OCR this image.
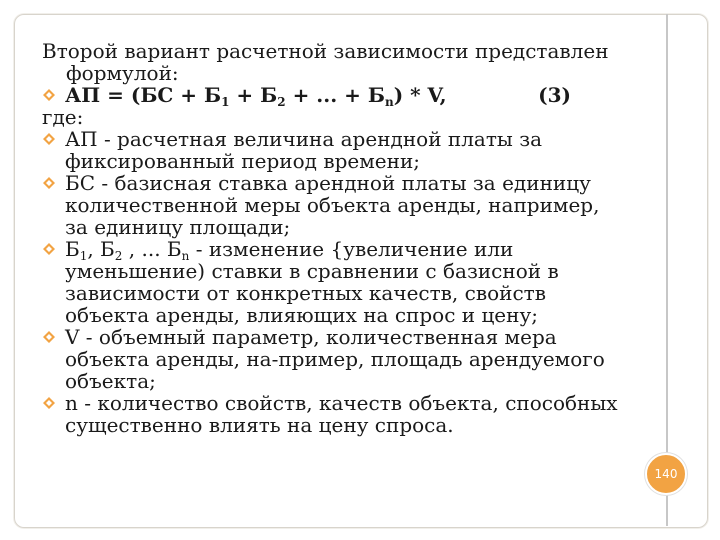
Второй вариант расчетной зависимости представлен
формулой:

АП = ($БС + Б_1 + Б_2$ + ... + $Б_n$) * V,	(3)

где:

АП - расчетная величина арендной платы за фиксированный период времени;
БС - базисная ставка арендной платы за единицу количественной меры объекта аренды, например, за единицу площади;
$Б_1$, $Б_2$ , ... $Б_n$ - изменение {увеличение или уменьшение) ставки в сравнении с базисной в зависимости от конкретных качеств, свойств объекта аренды, влияющих на спрос и цену;
V - объемный параметр, количественная мера объекта аренды, на-пример, площадь арендуемого объекта;
n - количество свойств, качеств объекта, способных существенно влиять на цену спроса.
140
